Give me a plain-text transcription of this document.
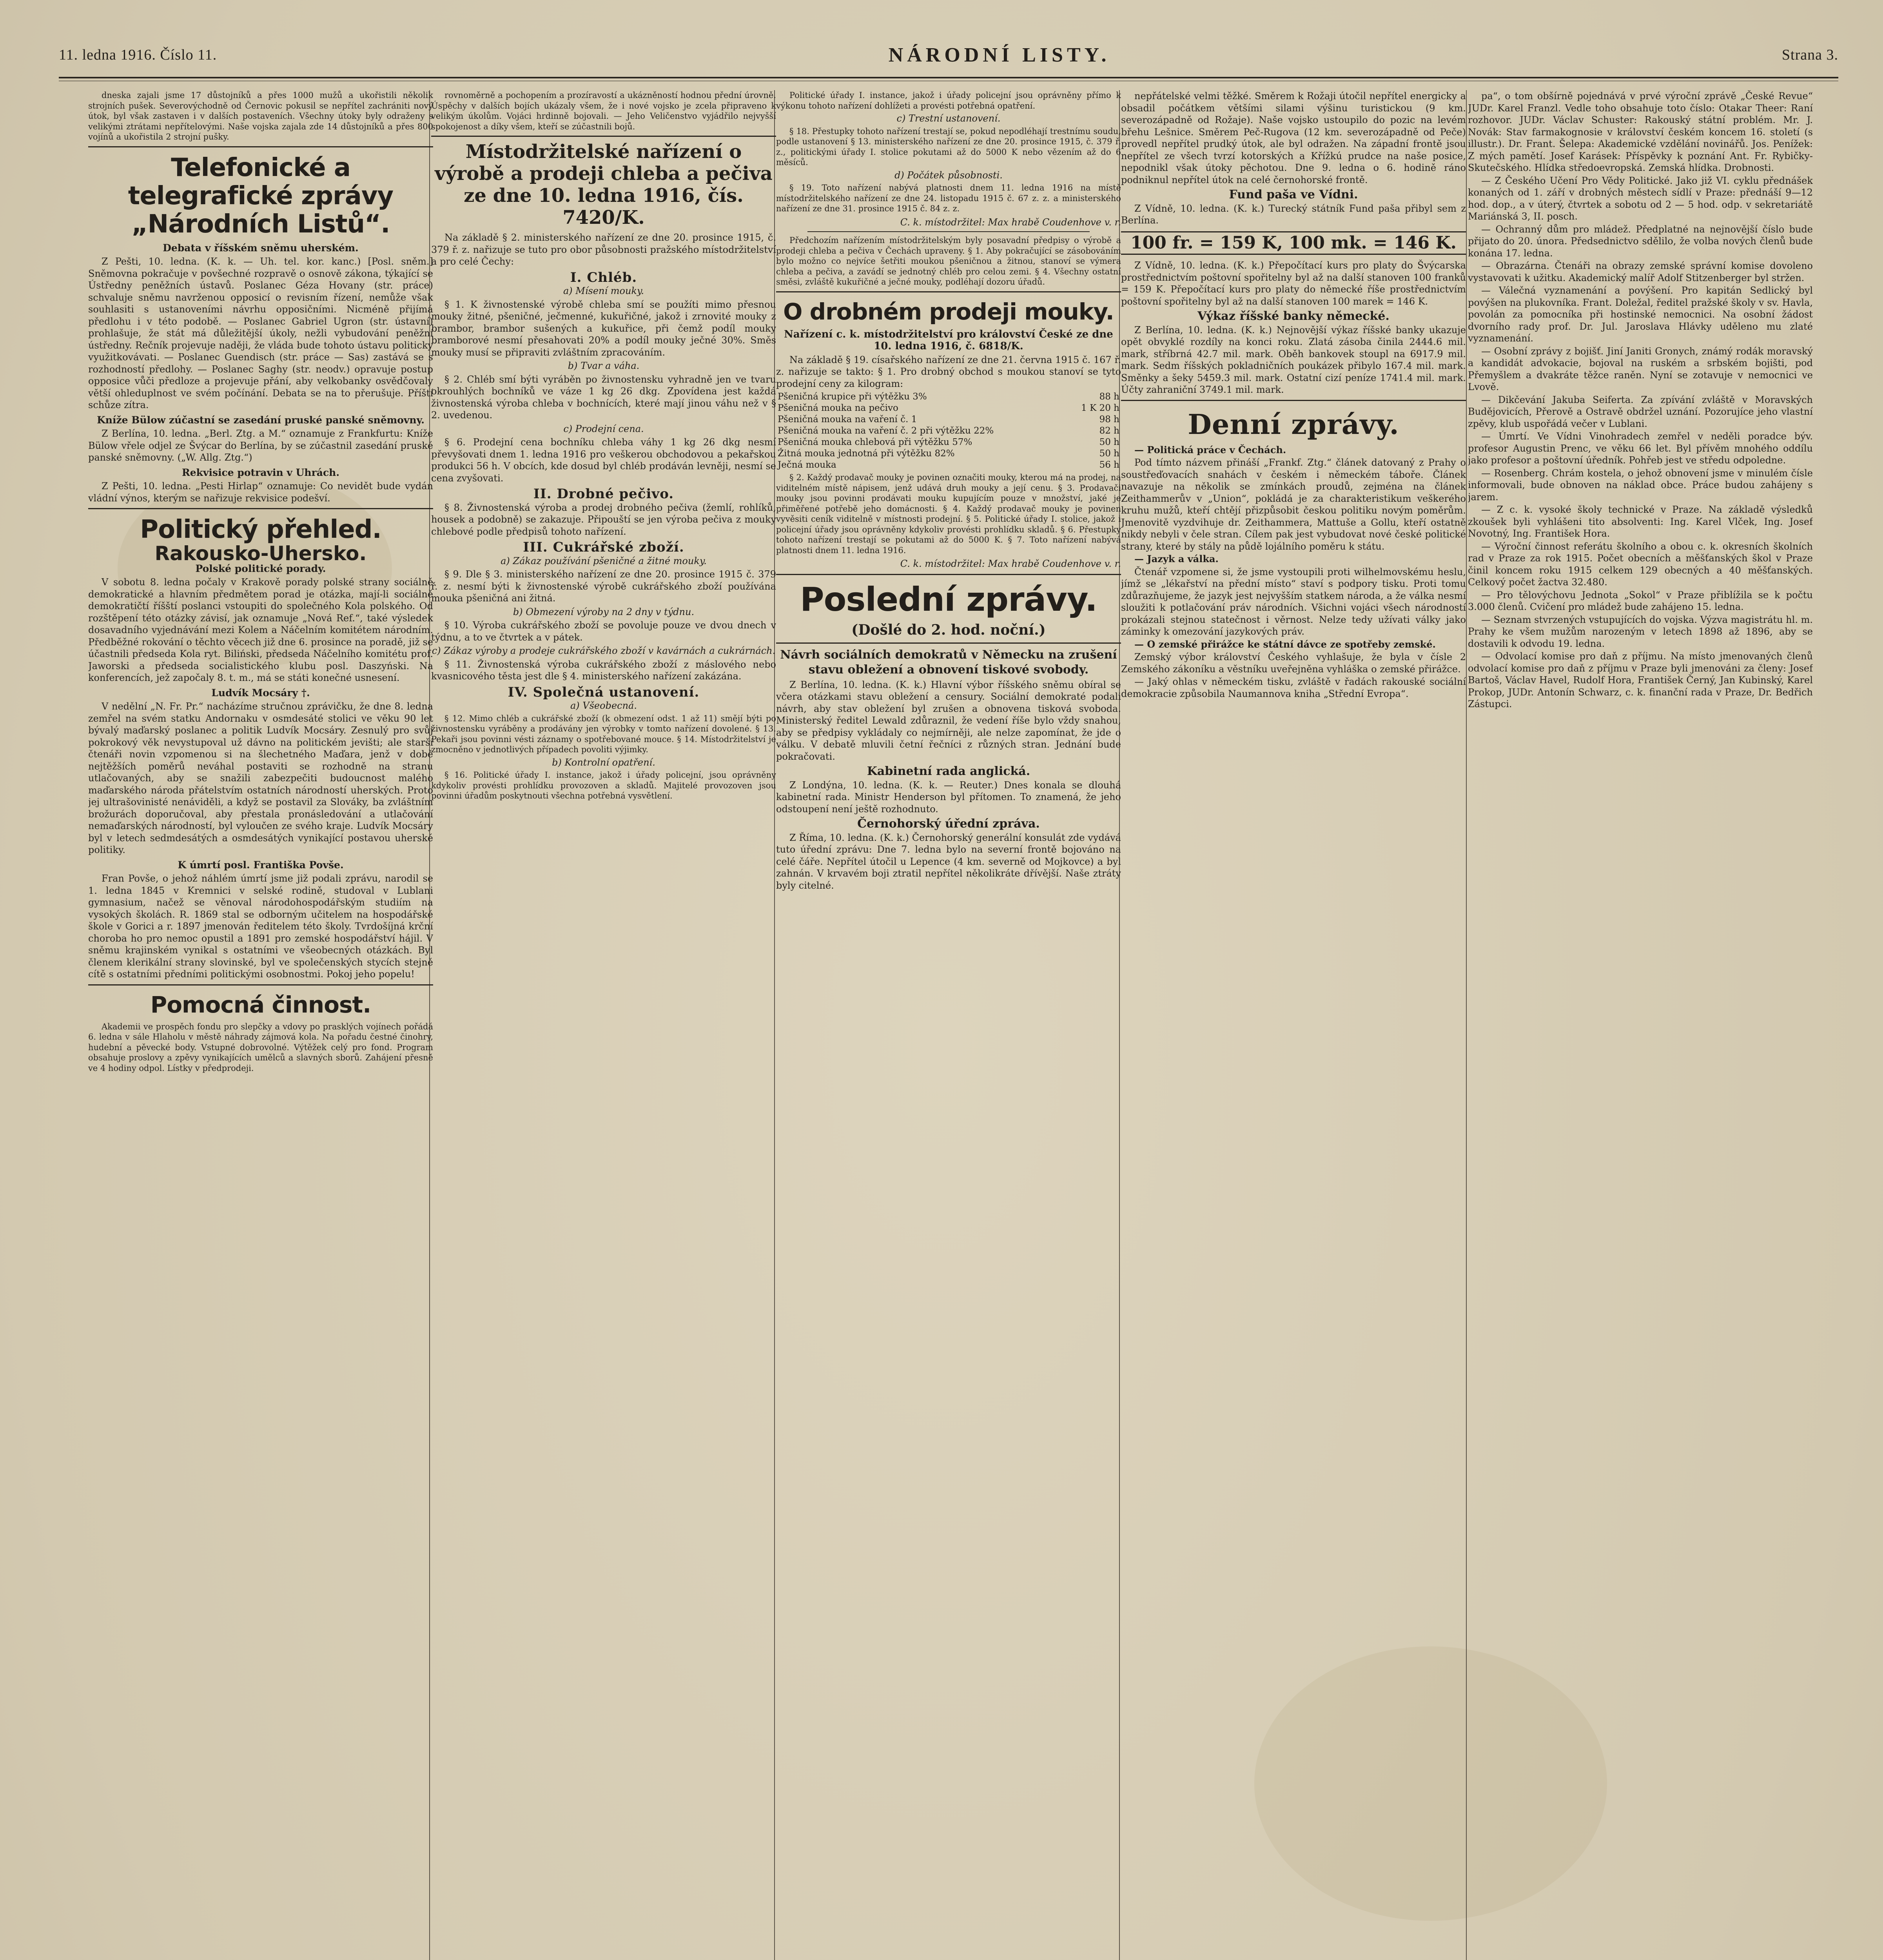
11. ledna 1916. Číslo 11.	NÁRODNÍ LISTY.	Strana 3.

dneska zajali jsme 17 důstojníků a přes 1000 mužů a ukořistili několik strojních pušek. Severovýchodně od Černovic pokusil se nepřítel zachrániti nový útok, byl však zastaven i v dalších postaveních. Všechny útoky byly odraženy s velikými ztrátami nepřítelovými. Naše vojska zajala zde 14 důstojníků a přes 800 vojínů a ukořistila 2 strojní pušky.

Telefonické a telegrafické zprávy „Národních Listů“.

Debata v říšském sněmu uherském.

Z Pešti, 10. ledna. (K. k. — Uh. tel. kor. kanc.) [Posl. sněm.] Sněmovna pokračuje v povšechné rozpravě o osnově zákona, týkající se Ústředny peněžních ústavů. Poslanec Géza Hovany (str. práce) schvaluje sněmu navrženou opposicí o revisním řízení, nemůže však souhlasiti s ustanoveními návrhu opposičními. Nicméně přijímá předlohu i v této podobě. — Poslanec Gabriel Ugron (str. ústavní) prohlašuje, že stát má důležitější úkoly, nežli vybudování peněžní ústředny. Rečník projevuje naději, že vláda bude tohoto ústavu politicky využitkovávati. — Poslanec Guendisch (str. práce — Sas) zastává se s rozhodností předlohy. — Poslanec Saghy (str. neodv.) opravuje postup opposice vůči předloze a projevuje přání, aby velkobanky osvědčovaly větší ohleduplnost ve svém počínání. Debata se na to přerušuje. Příští schůze zítra.

Kníže Bülow zúčastní se zasedání pruské panské sněmovny.

Z Berlína, 10. ledna. „Berl. Ztg. a M.“ oznamuje z Frankfurtu: Kníže Bülow vřele odjel ze Švýcar do Berlína, by se zúčastnil zasedání pruské panské sněmovny. („W. Allg. Ztg.“)

Rekvisice potravin v Uhrách.

Z Pešti, 10. ledna. „Pesti Hirlap“ oznamuje: Co nevidět bude vydán vládní výnos, kterým se nařizuje rekvisice podešví.

Politický přehled.
Rakousko-Uhersko.

Polské politické porady.

V sobotu 8. ledna počaly v Krakově porady polské strany sociálně demokratické a hlavním předmětem porad je otázka, mají-li sociálně demokratičtí říšští poslanci vstoupiti do společného Kola polského. Od rozštěpení této otázky závisí, jak oznamuje „Nová Ref.“, také výsledek dosavadního vyjednávání mezi Kolem a Náčelním komitétem národním. Předběžné rokování o těchto věcech již dne 6. prosince na poradě, již se účastnili předseda Kola ryt. Biliński, předseda Náčelního komitétu prof. Jaworski a předseda socialistického klubu posl. Daszyński. Na konferencích, jež započaly 8. t. m., má se státi konečné usnesení.

Ludvík Mocsáry †.

V nedělní „N. Fr. Pr.“ nacházíme stručnou zprávičku, že dne 8. ledna zemřel na svém statku Andornaku v osmdesáté stolici ve věku 90 let bývalý maďarský poslanec a politik Ludvík Mocsáry. Zesnulý pro svůj pokrokový věk nevystupoval už dávno na politickém jevišti; ale starší čtenáři novin vzpomenou si na šlechetného Maďara, jenž v době nejtěžších poměrů neváhal postaviti se rozhodně na stranu utlačovaných, aby se snažili zabezpečiti budoucnost malého maďarského národa přátelstvím ostatních národností uherských. Proto jej ultrašovinisté nenáviděli, a když se postavil za Slováky, ba zvláštním brožurách doporučoval, aby přestala pronásledování a utlačování nemaďarských národností, byl vyloučen ze svého kraje. Ludvík Mocsáry byl v letech sedmdesátých a osmdesátých vynikající postavou uherské politiky.

K úmrtí posl. Františka Povše.

Fran Povše, o jehož náhlém úmrtí jsme již podali zprávu, narodil se 1. ledna 1845 v Kremnici v selské rodině, studoval v Lublani gymnasium, načež se věnoval národohospodářským studiím na vysokých školách. R. 1869 stal se odborným učitelem na hospodářské škole v Gorici a r. 1897 jmenován ředitelem této školy. Tvrdošíjná krční choroba ho pro nemoc opustil a 1891 pro zemské hospodářství hájil. V sněmu krajinském vynikal s ostatními ve všeobecných otázkách. Byl členem klerikální strany slovinské, byl ve společenských stycích stejně cítě s ostatními předními politickými osobnostmi. Pokoj jeho popelu!

Pomocná činnost.

Akademii ve prospěch fondu pro slepčky a vdovy po prasklých vojínech pořádá 6. ledna v sále Hlaholu v městě náhrady zájmová kola. Na pořadu čestné činohry, hudební a pěvecké body. Vstupné dobrovolné. Výtěžek celý pro fond. Program obsahuje proslovy a zpěvy vynikajících umělců a slavných sborů. Zahájení přesně ve 4 hodiny odpol. Lístky v předprodeji.

rovnoměrně a pochopením a prozíravostí a ukázněností hodnou přední úrovně. Úspěchy v dalších bojích ukázaly všem, že i nové vojsko je zcela připraveno k velikým úkolům. Vojáci hrdinně bojovali. — Jeho Veličenstvo vyjádřilo nejvyšší spokojenost a díky všem, kteří se zúčastnili bojů.

Místodržitelské nařízení o výrobě a prodeji chleba a pečiva ze dne 10. ledna 1916, čís. 7420/K.

Na základě § 2. ministerského nařízení ze dne 20. prosince 1915, č. 379 ř. z. nařizuje se tuto pro obor působnosti pražského místodržitelství a pro celé Čechy:

I. Chléb.

a) Mísení mouky.

§ 1. K živnostenské výrobě chleba smí se použíti mimo přesnou mouky žitné, pšeničné, ječmenné, kukuřičné, jakož i zrnovité mouky z brambor, brambor sušených a kukuřice, při čemž podíl mouky bramborové nesmí přesahovati 20% a podíl mouky ječné 30%. Směs mouky musí se připraviti zvláštním zpracováním.

b) Tvar a váha.

§ 2. Chléb smí býti vyráběn po živnostensku vyhradně jen ve tvaru okrouhlých bochníků ve váze 1 kg 26 dkg. Zpovídena jest každá živnostenská výroba chleba v bochnících, které mají jinou váhu než v § 2. uvedenou.

c) Prodejní cena.

§ 6. Prodejní cena bochníku chleba váhy 1 kg 26 dkg nesmí převyšovati dnem 1. ledna 1916 pro veškerou obchodovou a pekařskou produkci 56 h. V obcích, kde dosud byl chléb prodáván levněji, nesmí se cena zvyšovati.

II. Drobné pečivo.

§ 8. Živnostenská výroba a prodej drobného pečiva (žemlí, rohlíků, housek a podobně) se zakazuje. Připouští se jen výroba pečiva z mouky chlebové podle předpisů tohoto nařízení.

III. Cukrářské zboží.

a) Zákaz používání pšeničné a žitné mouky.

§ 9. Dle § 3. ministerského nařízení ze dne 20. prosince 1915 č. 379 ř. z. nesmí býti k živnostenské výrobě cukrářského zboží používána mouka pšeničná ani žitná.

b) Obmezení výroby na 2 dny v týdnu.

§ 10. Výroba cukrářského zboží se povoluje pouze ve dvou dnech v týdnu, a to ve čtvrtek a v pátek.

c) Zákaz výroby a prodeje cukrářského zboží v kavárnách a cukrárnách.

§ 11. Živnostenská výroba cukrářského zboží z máslového nebo kvasnicového těsta jest dle § 4. ministerského nařízení zakázána.

IV. Společná ustanovení.

a) Všeobecná.

§ 12. Mimo chléb a cukrářské zboží (k obmezení odst. 1 až 11) smějí býti po živnostensku vyráběny a prodávány jen výrobky v tomto nařízení dovolené. § 13. Pekaři jsou povinni vésti záznamy o spotřebované mouce. § 14. Místodržitelství je zmocněno v jednotlivých případech povoliti výjimky.

b) Kontrolní opatření.

§ 16. Politické úřady I. instance, jakož i úřady policejní, jsou oprávněny kdykoliv provésti prohlídku provozoven a skladů. Majitelé provozoven jsou povinni úřadům poskytnouti všechna potřebná vysvětlení.

Politické úřady I. instance, jakož i úřady policejní jsou oprávněny přímo k výkonu tohoto nařízení dohlížeti a provésti potřebná opatření.

c) Trestní ustanovení.

§ 18. Přestupky tohoto nařízení trestají se, pokud nepodléhají trestnímu soudu, podle ustanovení § 13. ministerského nařízení ze dne 20. prosince 1915, č. 379 ř. z., politickými úřady I. stolice pokutami až do 5000 K nebo vězením až do 6 měsíců.

d) Počátek působnosti.

§ 19. Toto nařízení nabývá platnosti dnem 11. ledna 1916 na místě místodržitelského nařízení ze dne 24. listopadu 1915 č. 67 z. z. a ministerského nařízení ze dne 31. prosince 1915 č. 84 z. z.

C. k. místodržitel: Max hrabě Coudenhove v. r.

Předchozím nařízením místodržitelským byly posavadní předpisy o výrobě a prodeji chleba a pečiva v Čechách upraveny. § 1. Aby pokračující se zásobováním bylo možno co nejvíce šetřiti moukou pšeničnou a žitnou, stanoví se výmera chleba a pečiva, a zavádí se jednotný chléb pro celou zemi. § 4. Všechny ostatní směsi, zvláště kukuřičné a ječné mouky, podléhají dozoru úřadů.

O drobném prodeji mouky.

Nařízení c. k. místodržitelství pro království České ze dne 10. ledna 1916, č. 6818/K.

Na základě § 19. císařského nařízení ze dne 21. června 1915 č. 167 ř. z. nařizuje se takto: § 1. Pro drobný obchod s moukou stanoví se tyto prodejní ceny za kilogram:

Pšeničná krupice při výtěžku 3%	88 h
Pšeničná mouka na pečivo	1 K 20 h
Pšeničná mouka na vaření č. 1	98 h
Pšeničná mouka na vaření č. 2 při výtěžku 22%	82 h
Pšeničná mouka chlebová při výtěžku 57%	50 h
Žitná mouka jednotná při výtěžku 82%	50 h
Ječná mouka	56 h

§ 2. Každý prodavač mouky je povinen označiti mouky, kterou má na prodej, na viditelném místě nápisem, jenž udává druh mouky a její cenu. § 3. Prodavači mouky jsou povinni prodávati mouku kupujícím pouze v množství, jaké je přiměřené potřebě jeho domácnosti. § 4. Každý prodavač mouky je povinen vyvěsiti ceník viditelně v místnosti prodejní. § 5. Politické úřady I. stolice, jakož i policejní úřady jsou oprávněny kdykoliv provésti prohlídku skladů. § 6. Přestupky tohoto nařízení trestají se pokutami až do 5000 K. § 7. Toto nařízení nabývá platnosti dnem 11. ledna 1916.

C. k. místodržitel: Max hrabě Coudenhove v. r.

Poslední zprávy.

(Došlé do 2. hod. noční.)

Návrh sociálních demokratů v Německu na zrušení stavu obležení a obnovení tiskové svobody.

Z Berlína, 10. ledna. (K. k.) Hlavní výbor říšského sněmu obíral se včera otázkami stavu obležení a censury. Sociální demokraté podali návrh, aby stav obležení byl zrušen a obnovena tisková svoboda. Ministerský ředitel Lewald zdůraznil, že vedení říše bylo vždy snahou, aby se předpisy vykládaly co nejmírněji, ale nelze zapomínat, že jde o válku. V debatě mluvili četní řečníci z různých stran. Jednání bude pokračovati.

Kabinetní rada anglická.

Z Londýna, 10. ledna. (K. k. — Reuter.) Dnes konala se dlouhá kabinetní rada. Ministr Henderson byl přítomen. To znamená, že jeho odstoupení není ještě rozhodnuto.

Černohorský úřední zpráva.

Z Říma, 10. ledna. (K. k.) Černohorský generální konsulát zde vydává tuto úřední zprávu: Dne 7. ledna bylo na severní frontě bojováno na celé čáře. Nepřítel útočil u Lepence (4 km. severně od Mojkovce) a byl zahnán. V krvavém boji ztratil nepřítel několikráte dřívější. Naše ztráty byly citelné.

nepřátelské velmi těžké. Směrem k Rožaji útočil nepřítel energicky a obsadil počátkem většími silami výšinu turistickou (9 km. severozápadně od Rožaje). Naše vojsko ustoupilo do pozic na levém břehu Lešnice. Směrem Peč-Rugova (12 km. severozápadně od Peče) provedl nepřítel prudký útok, ale byl odražen. Na západní frontě jsou nepřítel ze všech tvrzí kotorských a Křížkú prudce na naše posice, nepodnikl však útoky pěchotou. Dne 9. ledna o 6. hodině ráno podniknul nepřítel útok na celé černohorské frontě.

Fund paša ve Vídni.

Z Vídně, 10. ledna. (K. k.) Turecký státník Fund paša přibyl sem z Berlína.

100 fr. = 159 K, 100 mk. = 146 K.

Z Vídně, 10. ledna. (K. k.) Přepočítací kurs pro platy do Švýcarska prostřednictvím poštovní spořitelny byl až na další stanoven 100 franků = 159 K. Přepočítací kurs pro platy do německé říše prostřednictvím poštovní spořitelny byl až na další stanoven 100 marek = 146 K.

Výkaz říšské banky německé.

Z Berlína, 10. ledna. (K. k.) Nejnovější výkaz říšské banky ukazuje opět obvyklé rozdíly na konci roku. Zlatá zásoba činila 2444.6 mil. mark, stříbrná 42.7 mil. mark. Oběh bankovek stoupl na 6917.9 mil. mark. Sedm říšských pokladničních poukázek přibylo 167.4 mil. mark. Směnky a šeky 5459.3 mil. mark. Ostatní cizí peníze 1741.4 mil. mark. Účty zahraniční 3749.1 mil. mark.

Denní zprávy.

— Politická práce v Čechách.

Pod tímto názvem přináší „Frankf. Ztg.“ článek datovaný z Prahy o soustřeďovacích snahách v českém i německém táboře. Článek navazuje na několik se zmínkách proudů, zejména na článek Zeithammerův v „Union“, pokládá je za charakteristikum veškerého kruhu mužů, kteří chtějí přizpůsobit českou politiku novým poměrům. Jmenovitě vyzdvihuje dr. Zeithammera, Mattuše a Gollu, kteří ostatně nikdy nebyli v čele stran. Cílem pak jest vybudovat nové české politické strany, které by stály na půdě lojálního poměru k státu.

— Jazyk a válka.

Čtenář vzpomene si, že jsme vystoupili proti wilhelmovskému heslu, jímž se „lékařství na přední místo“ staví s podpory tisku. Proti tomu zdůrazňujeme, že jazyk jest nejvyšším statkem národa, a že válka nesmí sloužiti k potlačování práv národních. Všichni vojáci všech národností prokázali stejnou statečnost i věrnost. Nelze tedy užívati války jako záminky k omezování jazykových práv.

— O zemské přirážce ke státní dávce ze spotřeby zemské.

Zemský výbor království Českého vyhlašuje, že byla v čísle 2 Zemského zákoníku a věstníku uveřejněna vyhláška o zemské přirážce.

— Jaký ohlas v německém tisku, zvláště v řadách rakouské sociální demokracie způsobila Naumannova kniha „Střední Evropa“.

pa“, o tom obšírně pojednává v prvé výroční zprávě „České Revue“ JUDr. Karel Franzl. Vedle toho obsahuje toto číslo: Otakar Theer: Raní rozhovor. JUDr. Václav Schuster: Rakouský státní problém. Mr. J. Novák: Stav farmakognosie v království českém koncem 16. století (s illustr.). Dr. Frant. Šelepa: Akademické vzdělání novinářů. Jos. Penížek: Z mých pamětí. Josef Karásek: Příspěvky k poznání Ant. Fr. Rybičky-Skutečského. Hlídka středoevropská. Zemská hlídka. Drobnosti.

— Z Českého Učení Pro Vědy Politické. Jako již VI. cyklu přednášek konaných od 1. září v drobných městech sídlí v Praze: přednáší 9—12 hod. dop., a v úterý, čtvrtek a sobotu od 2 — 5 hod. odp. v sekretariátě Mariánská 3, II. posch.

— Ochranný dům pro mládež. Předplatné na nejnovější číslo bude přijato do 20. února. Předsednictvo sdělilo, že volba nových členů bude konána 17. ledna.

— Obrazárna. Čtenáři na obrazy zemské správní komise dovoleno vystavovati k užitku. Akademický malíř Adolf Stitzenberger byl stržen.

— Válečná vyznamenání a povýšení. Pro kapitán Sedlický byl povýšen na plukovníka. Frant. Doležal, ředitel pražské školy v sv. Havla, povolán za pomocníka při hostinské nemocnici. Na osobní žádost dvorního rady prof. Dr. Jul. Jaroslava Hlávky uděleno mu zlaté vyznamenání.

— Osobní zprávy z bojišť. Jiní Janiti Gronych, známý rodák moravský a kandidát advokacie, bojoval na ruském a srbském bojišti, pod Přemyšlem a dvakráte těžce raněn. Nyní se zotavuje v nemocnici ve Lvově.

— Dikčevání Jakuba Seiferta. Za zpívání zvláště v Moravských Budějovicích, Přerově a Ostravě obdržel uznání. Pozorujíce jeho vlastní zpěvy, klub uspořádá večer v Lublani.

— Úmrtí. Ve Vídni Vinohradech zemřel v neděli poradce býv. profesor Augustin Prenc, ve věku 66 let. Byl přívěm mnohého oddílu jako profesor a poštovní úředník. Pohřeb jest ve středu odpoledne.

— Rosenberg. Chrám kostela, o jehož obnovení jsme v minulém čísle informovali, bude obnoven na náklad obce. Práce budou zahájeny s jarem.

— Z c. k. vysoké školy technické v Praze. Na základě výsledků zkoušek byli vyhlášeni tito absolventi: Ing. Karel Vlček, Ing. Josef Novotný, Ing. František Hora.

— Výroční činnost referátu školního a obou c. k. okresních školních rad v Praze za rok 1915. Počet obecních a měšťanských škol v Praze činil koncem roku 1915 celkem 129 obecných a 40 měšťanských. Celkový počet žactva 32.480.

— Pro tělovýchovu Jednota „Sokol“ v Praze přiblížila se k počtu 3.000 členů. Cvičení pro mládež bude zahájeno 15. ledna.

— Seznam stvrzených vstupujících do vojska. Výzva magistrátu hl. m. Prahy ke všem mužům narozeným v letech 1898 až 1896, aby se dostavili k odvodu 19. ledna.

— Odvolací komise pro daň z příjmu. Na místo jmenovaných členů odvolací komise pro daň z příjmu v Praze byli jmenováni za členy: Josef Bartoš, Václav Havel, Rudolf Hora, František Černý, Jan Kubinský, Karel Prokop, JUDr. Antonín Schwarz, c. k. finanční rada v Praze, Dr. Bedřich Zástupci.
